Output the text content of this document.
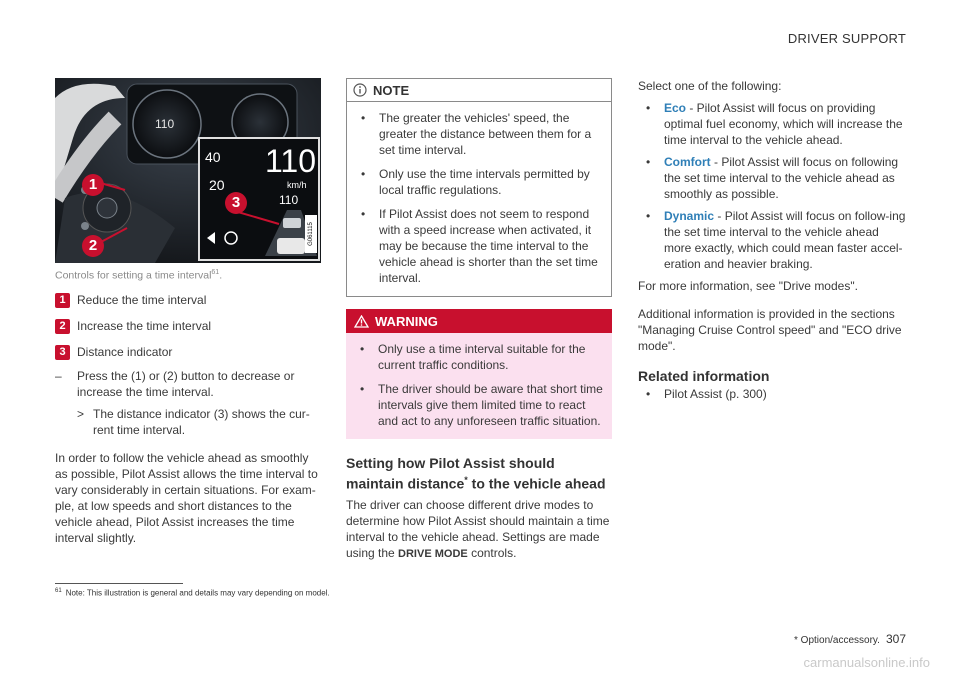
DRIVER SUPPORT
110
40
20
110
km/h
110
1
2
3
G061115
Controls for setting a time interval$^{61}$.
1 Reduce the time interval
2 Increase the time interval
3 Distance indicator
– Press the (1) or (2) button to decrease or increase the time interval.
> The distance indicator (3) shows the cur-rent time interval.

In order to follow the vehicle ahead as smoothly as possible, Pilot Assist allows the time interval to vary considerably in certain situations. For exam-ple, at low speeds and short distances to the vehicle ahead, Pilot Assist increases the time interval slightly.

NOTE
• The greater the vehicles' speed, the greater the distance between them for a set time interval.
• Only use the time intervals permitted by local traffic regulations.
• If Pilot Assist does not seem to respond with a speed increase when activated, it may be because the time interval to the vehicle ahead is shorter than the set time interval.
WARNING
• Only use a time interval suitable for the current traffic conditions.
• The driver should be aware that short time intervals give them limited time to react and act to any unforeseen traffic situation.
Setting how Pilot Assist should maintain distance* to the vehicle ahead

The driver can choose different drive modes to determine how Pilot Assist should maintain a time interval to the vehicle ahead. Settings are made using the DRIVE MODE controls.

Select one of the following:

• Eco - Pilot Assist will focus on providing optimal fuel economy, which will increase the time interval to the vehicle ahead.
• Comfort - Pilot Assist will focus on following the set time interval to the vehicle ahead as smoothly as possible.
• Dynamic - Pilot Assist will focus on follow-ing the set time interval to the vehicle ahead more exactly, which could mean faster accel-eration and heavier braking.

For more information, see "Drive modes".

Additional information is provided in the sections "Managing Cruise Control speed" and "ECO drive mode".

Related information
• Pilot Assist (p. 300)
$^{61}$ Note: This illustration is general and details may vary depending on model.
* Option/accessory. 307
carmanualsonline.info
